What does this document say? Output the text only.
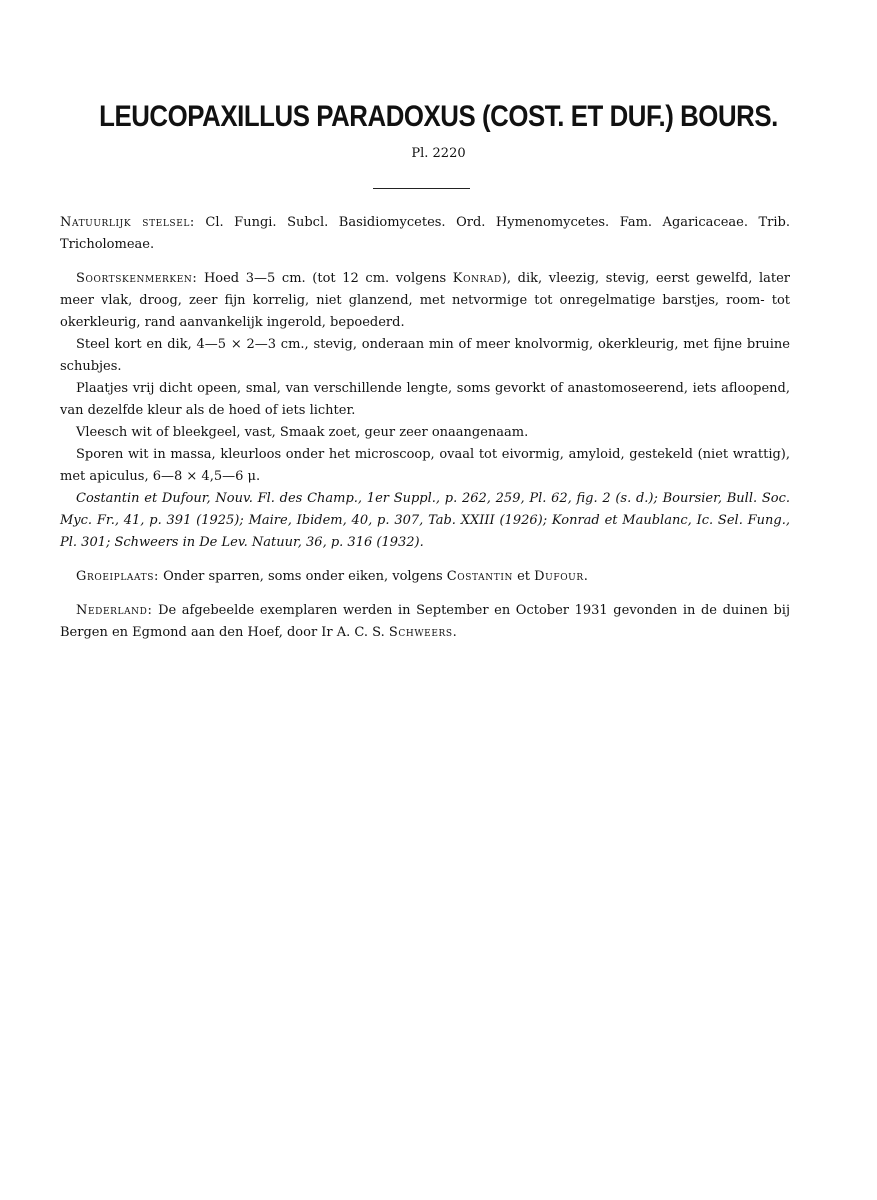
LEUCOPAXILLUS PARADOXUS (COST. ET DUF.) BOURS.

Pl. 2220

Natuurlijk stelsel: Cl. Fungi. Subcl. Basidiomycetes. Ord. Hymenomycetes. Fam. Agaricaceae. Trib. Tricholomeae.

Soortskenmerken: Hoed 3—5 cm. (tot 12 cm. volgens Konrad), dik, vleezig, stevig, eerst gewelfd, later meer vlak, droog, zeer fijn korrelig, niet glanzend, met netvormige tot onregelmatige barstjes, room- tot okerkleurig, rand aanvankelijk ingerold, bepoederd.

Steel kort en dik, 4—5 × 2—3 cm., stevig, onderaan min of meer knolvormig, okerkleurig, met fijne bruine schubjes.

Plaatjes vrij dicht opeen, smal, van verschillende lengte, soms gevorkt of anastomoseerend, iets afloopend, van dezelfde kleur als de hoed of iets lichter.

Vleesch wit of bleekgeel, vast, Smaak zoet, geur zeer onaangenaam.

Sporen wit in massa, kleurloos onder het microscoop, ovaal tot eivormig, amyloid, gestekeld (niet wrattig), met apiculus, 6—8 × 4,5—6 μ.

Costantin et Dufour, Nouv. Fl. des Champ., 1er Suppl., p. 262, 259, Pl. 62, fig. 2 (s. d.); Boursier, Bull. Soc. Myc. Fr., 41, p. 391 (1925); Maire, Ibidem, 40, p. 307, Tab. XXIII (1926); Konrad et Maublanc, Ic. Sel. Fung., Pl. 301; Schweers in De Lev. Natuur, 36, p. 316 (1932).

Groeiplaats: Onder sparren, soms onder eiken, volgens Costantin et Dufour.

Nederland: De afgebeelde exemplaren werden in September en October 1931 gevonden in de duinen bij Bergen en Egmond aan den Hoef, door Ir A. C. S. Schweers.
